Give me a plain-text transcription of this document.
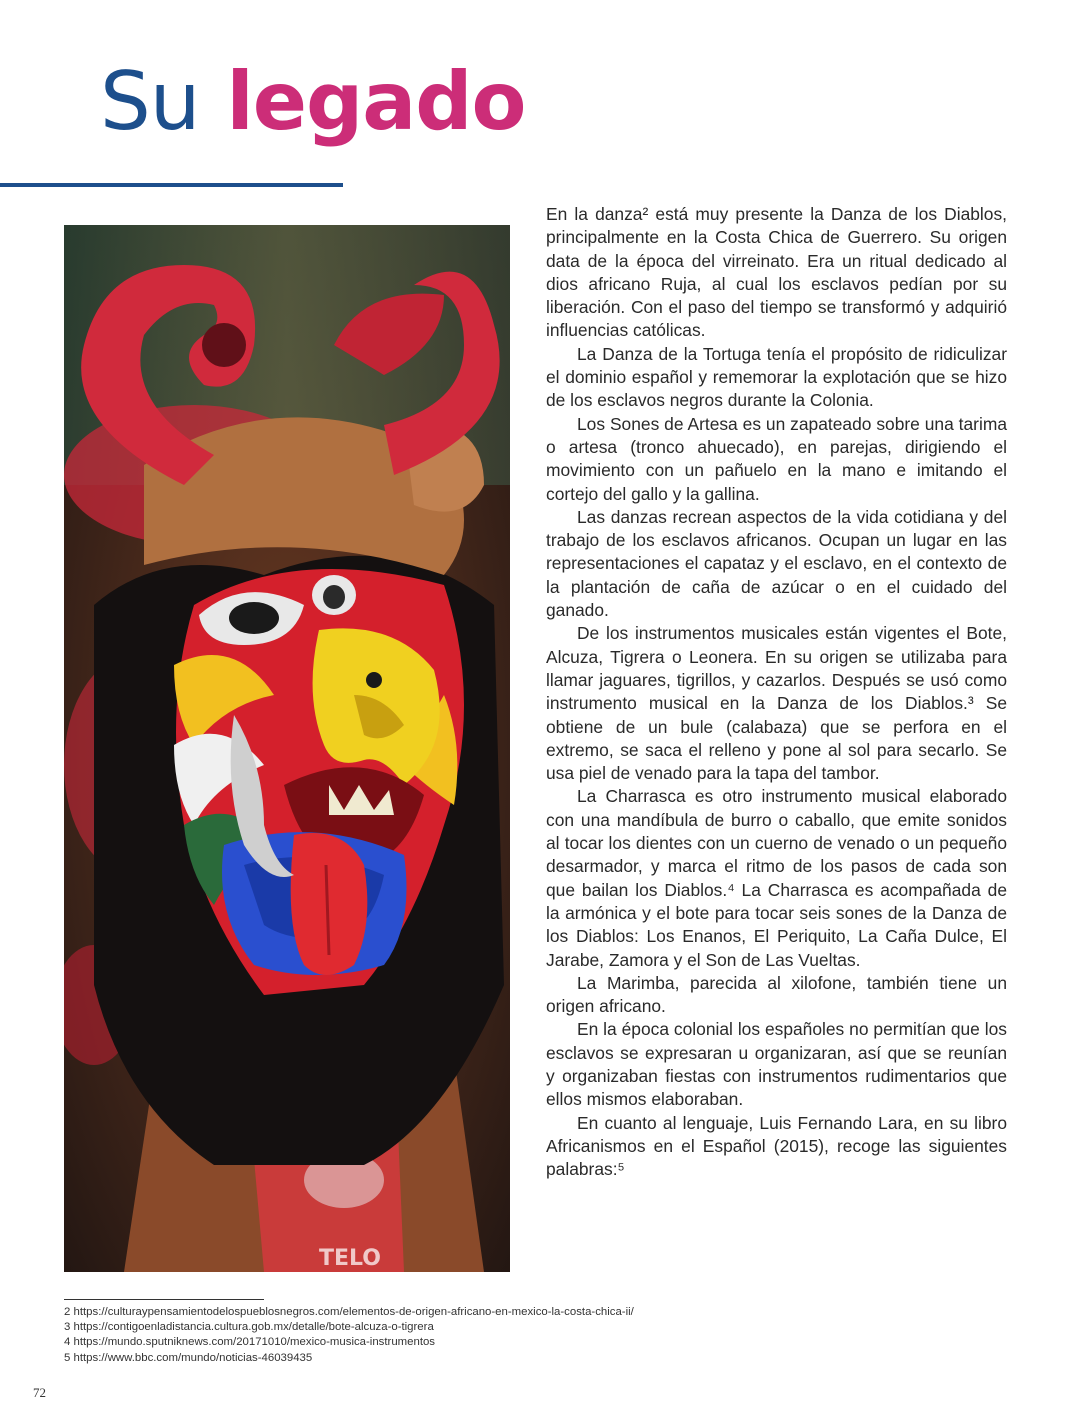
Su legado
TELO

En la danza² está muy presente la Danza de los Diablos, principalmente en la Costa Chica de Guerrero. Su origen data de la época del virreinato. Era un ritual dedicado al dios africano Ruja, al cual los esclavos pedían por su liberación. Con el paso del tiempo se transformó y adquirió influencias católicas.

La Danza de la Tortuga tenía el propósito de ridiculizar el dominio español y rememorar la explotación que se hizo de los esclavos negros durante la Colonia.

Los Sones de Artesa es un zapateado sobre una tarima o artesa (tronco ahuecado), en parejas, dirigiendo el movimiento con un pañuelo en la mano e imitando el cortejo del gallo y la gallina.

Las danzas recrean aspectos de la vida cotidiana y del trabajo de los esclavos africanos. Ocupan un lugar en las representaciones el capataz y el esclavo, en el contexto de la plantación de caña de azúcar o en el cuidado del ganado.

De los instrumentos musicales están vigentes el Bote, Alcuza, Tigrera o Leonera. En su origen se utilizaba para llamar jaguares, tigrillos, y cazarlos. Después se usó como instrumento musical en la Danza de los Diablos.³ Se obtiene de un bule (calabaza) que se perfora en el extremo, se saca el relleno y pone al sol para secarlo. Se usa piel de venado para la tapa del tambor.

La Charrasca es otro instrumento musical elaborado con una mandíbula de burro o caballo, que emite sonidos al tocar los dientes con un cuerno de venado o un pequeño desarmador, y marca el ritmo de los pasos de cada son que bailan los Diablos.⁴ La Charrasca es acompañada de la armónica y el bote para tocar seis sones de la Danza de los Diablos: Los Enanos, El Periquito, La Caña Dulce, El Jarabe, Zamora y el Son de Las Vueltas.

La Marimba, parecida al xilofone, también tiene un origen africano.

En la época colonial los españoles no permitían que los esclavos se expresaran u organizaran, así que se reunían y organizaban fiestas con instrumentos rudimentarios que ellos mismos elaboraban.

En cuanto al lenguaje, Luis Fernando Lara, en su libro Africanismos en el Español (2015), recoge las siguientes palabras:⁵

2 https://culturaypensamientodelospueblosnegros.com/elementos-de-origen-africano-en-mexico-la-costa-chica-ii/
3 https://contigoenladistancia.cultura.gob.mx/detalle/bote-alcuza-o-tigrera
4 https://mundo.sputniknews.com/20171010/mexico-musica-instrumentos
5 https://www.bbc.com/mundo/noticias-46039435
72
